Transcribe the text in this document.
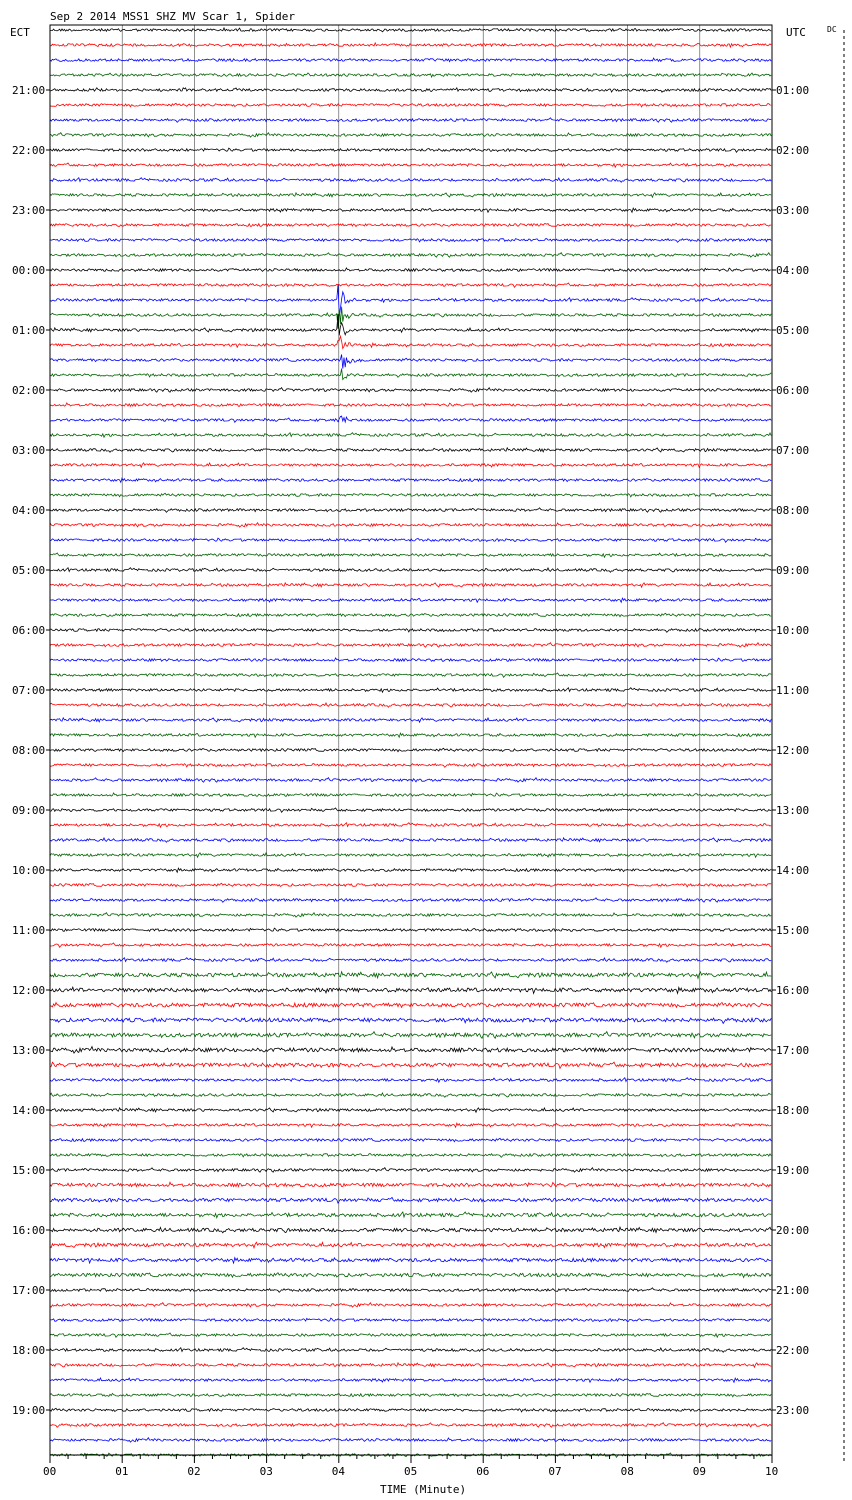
Sep 2 2014 MSS1 SHZ MV Scar 1, Spider
ECT	UTC	DC
21:00
22:00
23:00
00:00
01:00
02:00
03:00
04:00
05:00
06:00
07:00
08:00
09:00
10:00
11:00
12:00
13:00
14:00
15:00
16:00
17:00
18:00
19:00
01:00
02:00
03:00
04:00
05:00
06:00
07:00
08:00
09:00
10:00
11:00
12:00
13:00
14:00
15:00
16:00
17:00
18:00
19:00
20:00
21:00
22:00
23:00
00	01	02	03	04	05	06	07	08	09	10
TIME (Minute)
